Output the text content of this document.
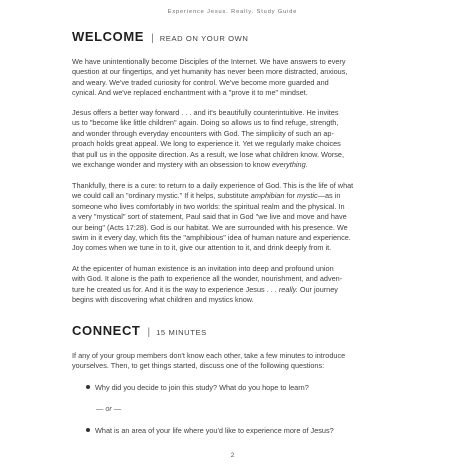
Experience Jesus. Really. Study Guide
WELCOME | READ ON YOUR OWN
We have unintentionally become Disciples of the Internet. We have answers to every
question at our fingertips, and yet humanity has never been more distracted, anxious,
and weary. We've traded curiosity for control. We've become more guarded and
cynical. And we've replaced enchantment with a "prove it to me" mindset.
Jesus offers a better way forward . . . and it's beautifully counterintuitive. He invites
us to "become like little children" again. Doing so allows us to find refuge, strength,
and wonder through everyday encounters with God. The simplicity of such an ap-
proach holds great appeal. We long to experience it. Yet we regularly make choices
that pull us in the opposite direction. As a result, we lose what children know. Worse,
we exchange wonder and mystery with an obsession to know everything.
Thankfully, there is a cure: to return to a daily experience of God. This is the life of what
we could call an "ordinary mystic." If it helps, substitute amphibian for mystic—as in
someone who lives comfortably in two worlds: the spiritual realm and the physical. In
a very "mystical" sort of statement, Paul said that in God "we live and move and have
our being" (Acts 17:28). God is our habitat. We are surrounded with his presence. We
swim in it every day, which fits the "amphibious" idea of human nature and experience.
Joy comes when we tune in to it, give our attention to it, and drink deeply from it.
At the epicenter of human existence is an invitation into deep and profound union
with God. It alone is the path to experience all the wonder, nourishment, and adven-
ture he created us for. And it is the way to experience Jesus . . . really. Our journey
begins with discovering what children and mystics know.
CONNECT | 15 MINUTES
If any of your group members don't know each other, take a few minutes to introduce
yourselves. Then, to get things started, discuss one of the following questions:
Why did you decide to join this study? What do you hope to learn?
— or —
What is an area of your life where you'd like to experience more of Jesus?
2
